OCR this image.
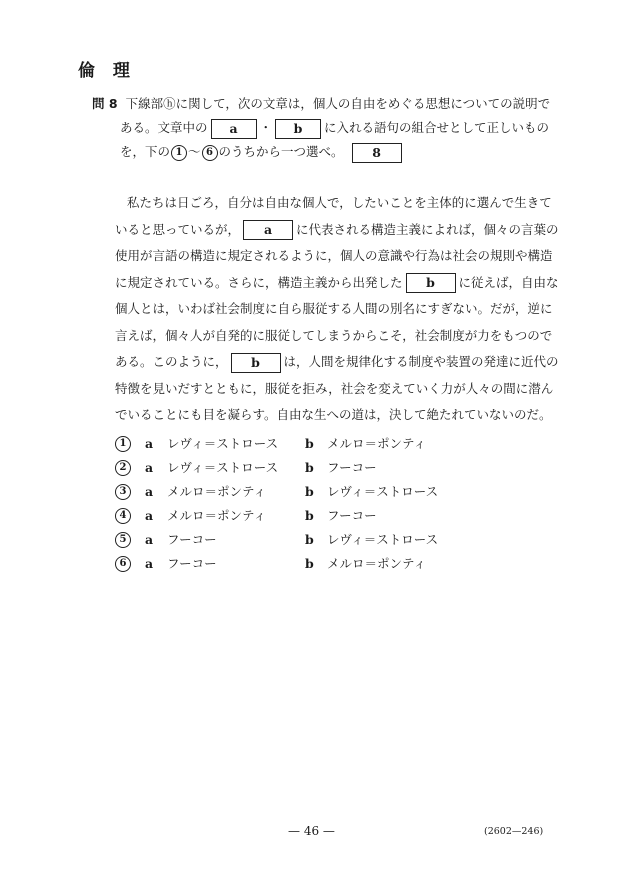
倫 理
問 8 下線部ⓗに関して，次の文章は，個人の自由をめぐる思想についての説明で
ある。文章中の a ・ b に入れる語句の組合せとして正しいもの
を，下の 1 〜 6 のうちから一つ選べ。 8
私たちは日ごろ，自分は自由な個人で，したいことを主体的に選んで生きて
いると思っているが， a に代表される構造主義によれば，個々の言葉の
使用が言語の構造に規定されるように，個人の意識や行為は社会の規則や構造
に規定されている。さらに，構造主義から出発した b に従えば，自由な
個人とは，いわば社会制度に自ら服従する人間の別名にすぎない。だが，逆に
言えば，個々人が自発的に服従してしまうからこそ，社会制度が力をもつので
ある。このように， b は，人間を規律化する制度や装置の発達に近代の
特徴を見いだすとともに，服従を拒み，社会を変えていく力が人々の間に潜ん
でいることにも目を凝らす。自由な生への道は，決して絶たれていないのだ。
1	a レヴィ＝ストロース b メルロ＝ポンティ
2	a レヴィ＝ストロース b フーコー
3	a メルロ＝ポンティ	b レヴィ＝ストロース
4	a メルロ＝ポンティ	b フーコー
5	a フーコー	b レヴィ＝ストロース
6	a フーコー	b メルロ＝ポンティ
— 46 —	(2602—246)
